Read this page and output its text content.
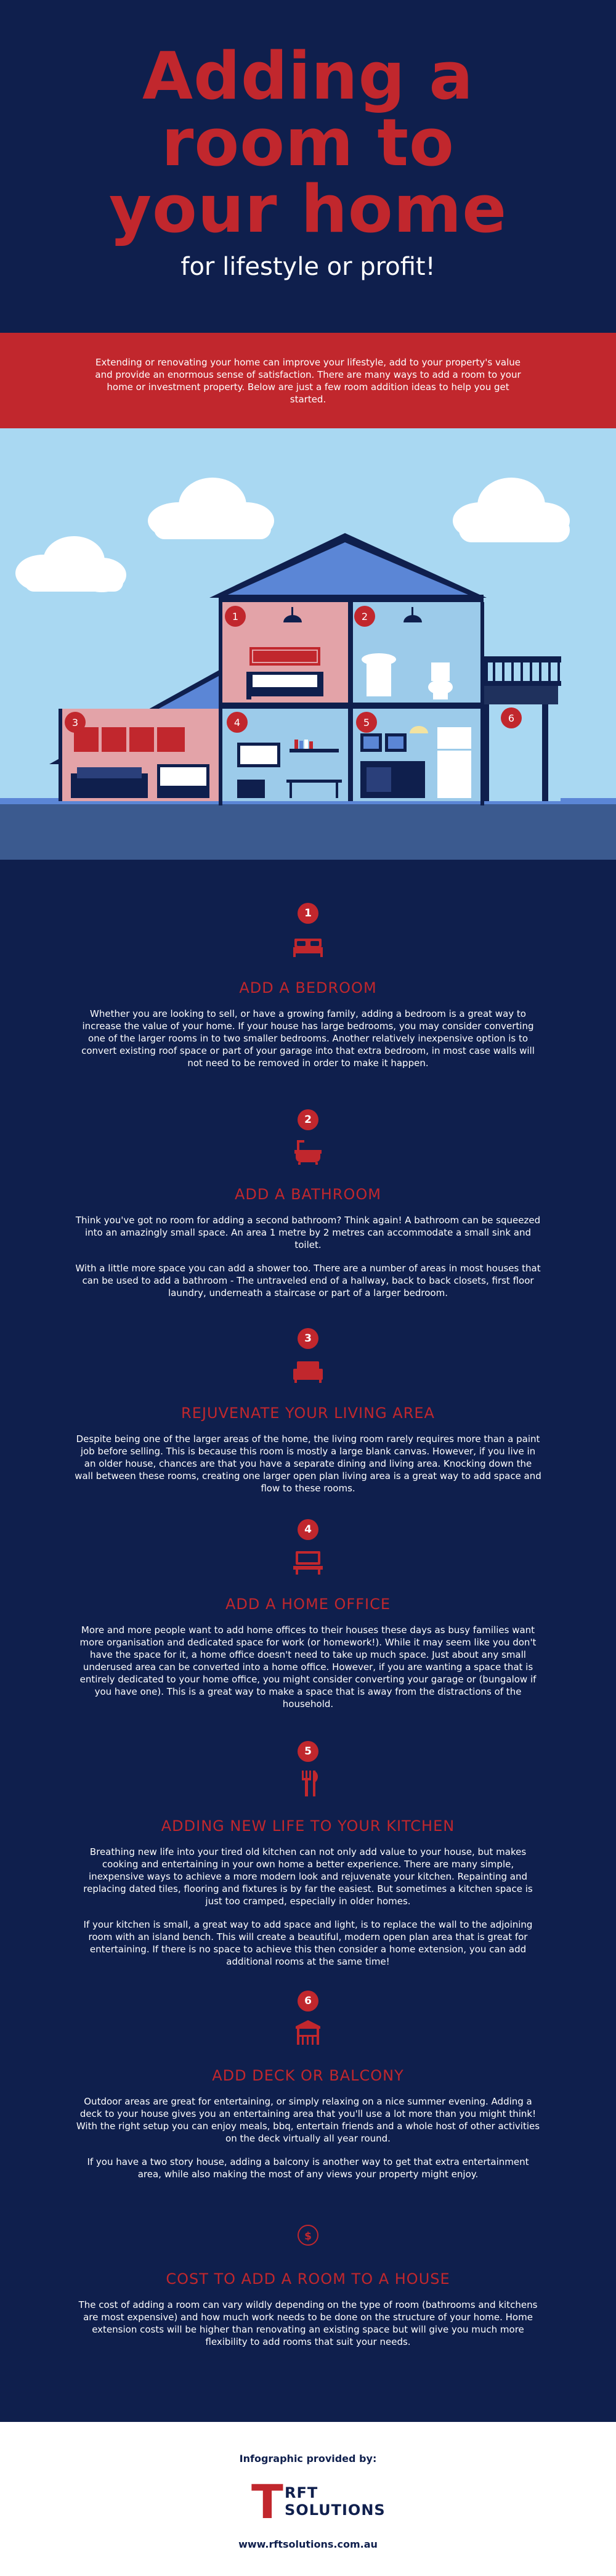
Adding a
room to
your home
for lifestyle or profit!

Extending or renovating your home can improve your lifestyle, add to your property's value and provide an enormous sense of satisfaction. There are many ways to add a room to your home or investment property. Below are just a few room addition ideas to help you get started.

1	2
3	4	5	6
1
ADD A BEDROOM

Whether you are looking to sell, or have a growing family, adding a bedroom is a great way to increase the value of your home. If your house has large bedrooms, you may consider converting one of the larger rooms in to two smaller bedrooms. Another relatively inexpensive option is to convert existing roof space or part of your garage into that extra bedroom, in most case walls will not need to be removed in order to make it happen.

2
ADD A BATHROOM

Think you've got no room for adding a second bathroom? Think again! A bathroom can be squeezed into an amazingly small space. An area 1 metre by 2 metres can accommodate a small sink and toilet.

With a little more space you can add a shower too. There are a number of areas in most houses that can be used to add a bathroom - The untraveled end of a hallway, back to back closets, first floor laundry, underneath a staircase or part of a larger bedroom.

3
REJUVENATE YOUR LIVING AREA

Despite being one of the larger areas of the home, the living room rarely requires more than a paint job before selling. This is because this room is mostly a large blank canvas. However, if you live in an older house, chances are that you have a separate dining and living area. Knocking down the wall between these rooms, creating one larger open plan living area is a great way to add space and flow to these rooms.

4
ADD A HOME OFFICE

More and more people want to add home offices to their houses these days as busy families want more organisation and dedicated space for work (or homework!). While it may seem like you don't have the space for it, a home office doesn't need to take up much space. Just about any small underused area can be converted into a home office. However, if you are wanting a space that is entirely dedicated to your home office, you might consider converting your garage or (bungalow if you have one). This is a great way to make a space that is away from the distractions of the household.

5
ADDING NEW LIFE TO YOUR KITCHEN

Breathing new life into your tired old kitchen can not only add value to your house, but makes cooking and entertaining in your own home a better experience. There are many simple, inexpensive ways to achieve a more modern look and rejuvenate your kitchen. Repainting and replacing dated tiles, flooring and fixtures is by far the easiest. But sometimes a kitchen space is just too cramped, especially in older homes.

If your kitchen is small, a great way to add space and light, is to replace the wall to the adjoining room with an island bench. This will create a beautiful, modern open plan area that is great for entertaining. If there is no space to achieve this then consider a home extension, you can add additional rooms at the same time!

6
ADD DECK OR BALCONY

Outdoor areas are great for entertaining, or simply relaxing on a nice summer evening. Adding a deck to your house gives you an entertaining area that you'll use a lot more than you might think! With the right setup you can enjoy meals, bbq, entertain friends and a whole host of other activities on the deck virtually all year round.

If you have a two story house, adding a balcony is another way to get that extra entertainment area, while also making the most of any views your property might enjoy.

$
COST TO ADD A ROOM TO A HOUSE

The cost of adding a room can vary wildly depending on the type of room (bathrooms and kitchens are most expensive) and how much work needs to be done on the structure of your home. Home extension costs will be higher than renovating an existing space but will give you much more flexibility to add rooms that suit your needs.

Infographic provided by:
T RFT
SOLUTIONS
www.rftsolutions.com.au
